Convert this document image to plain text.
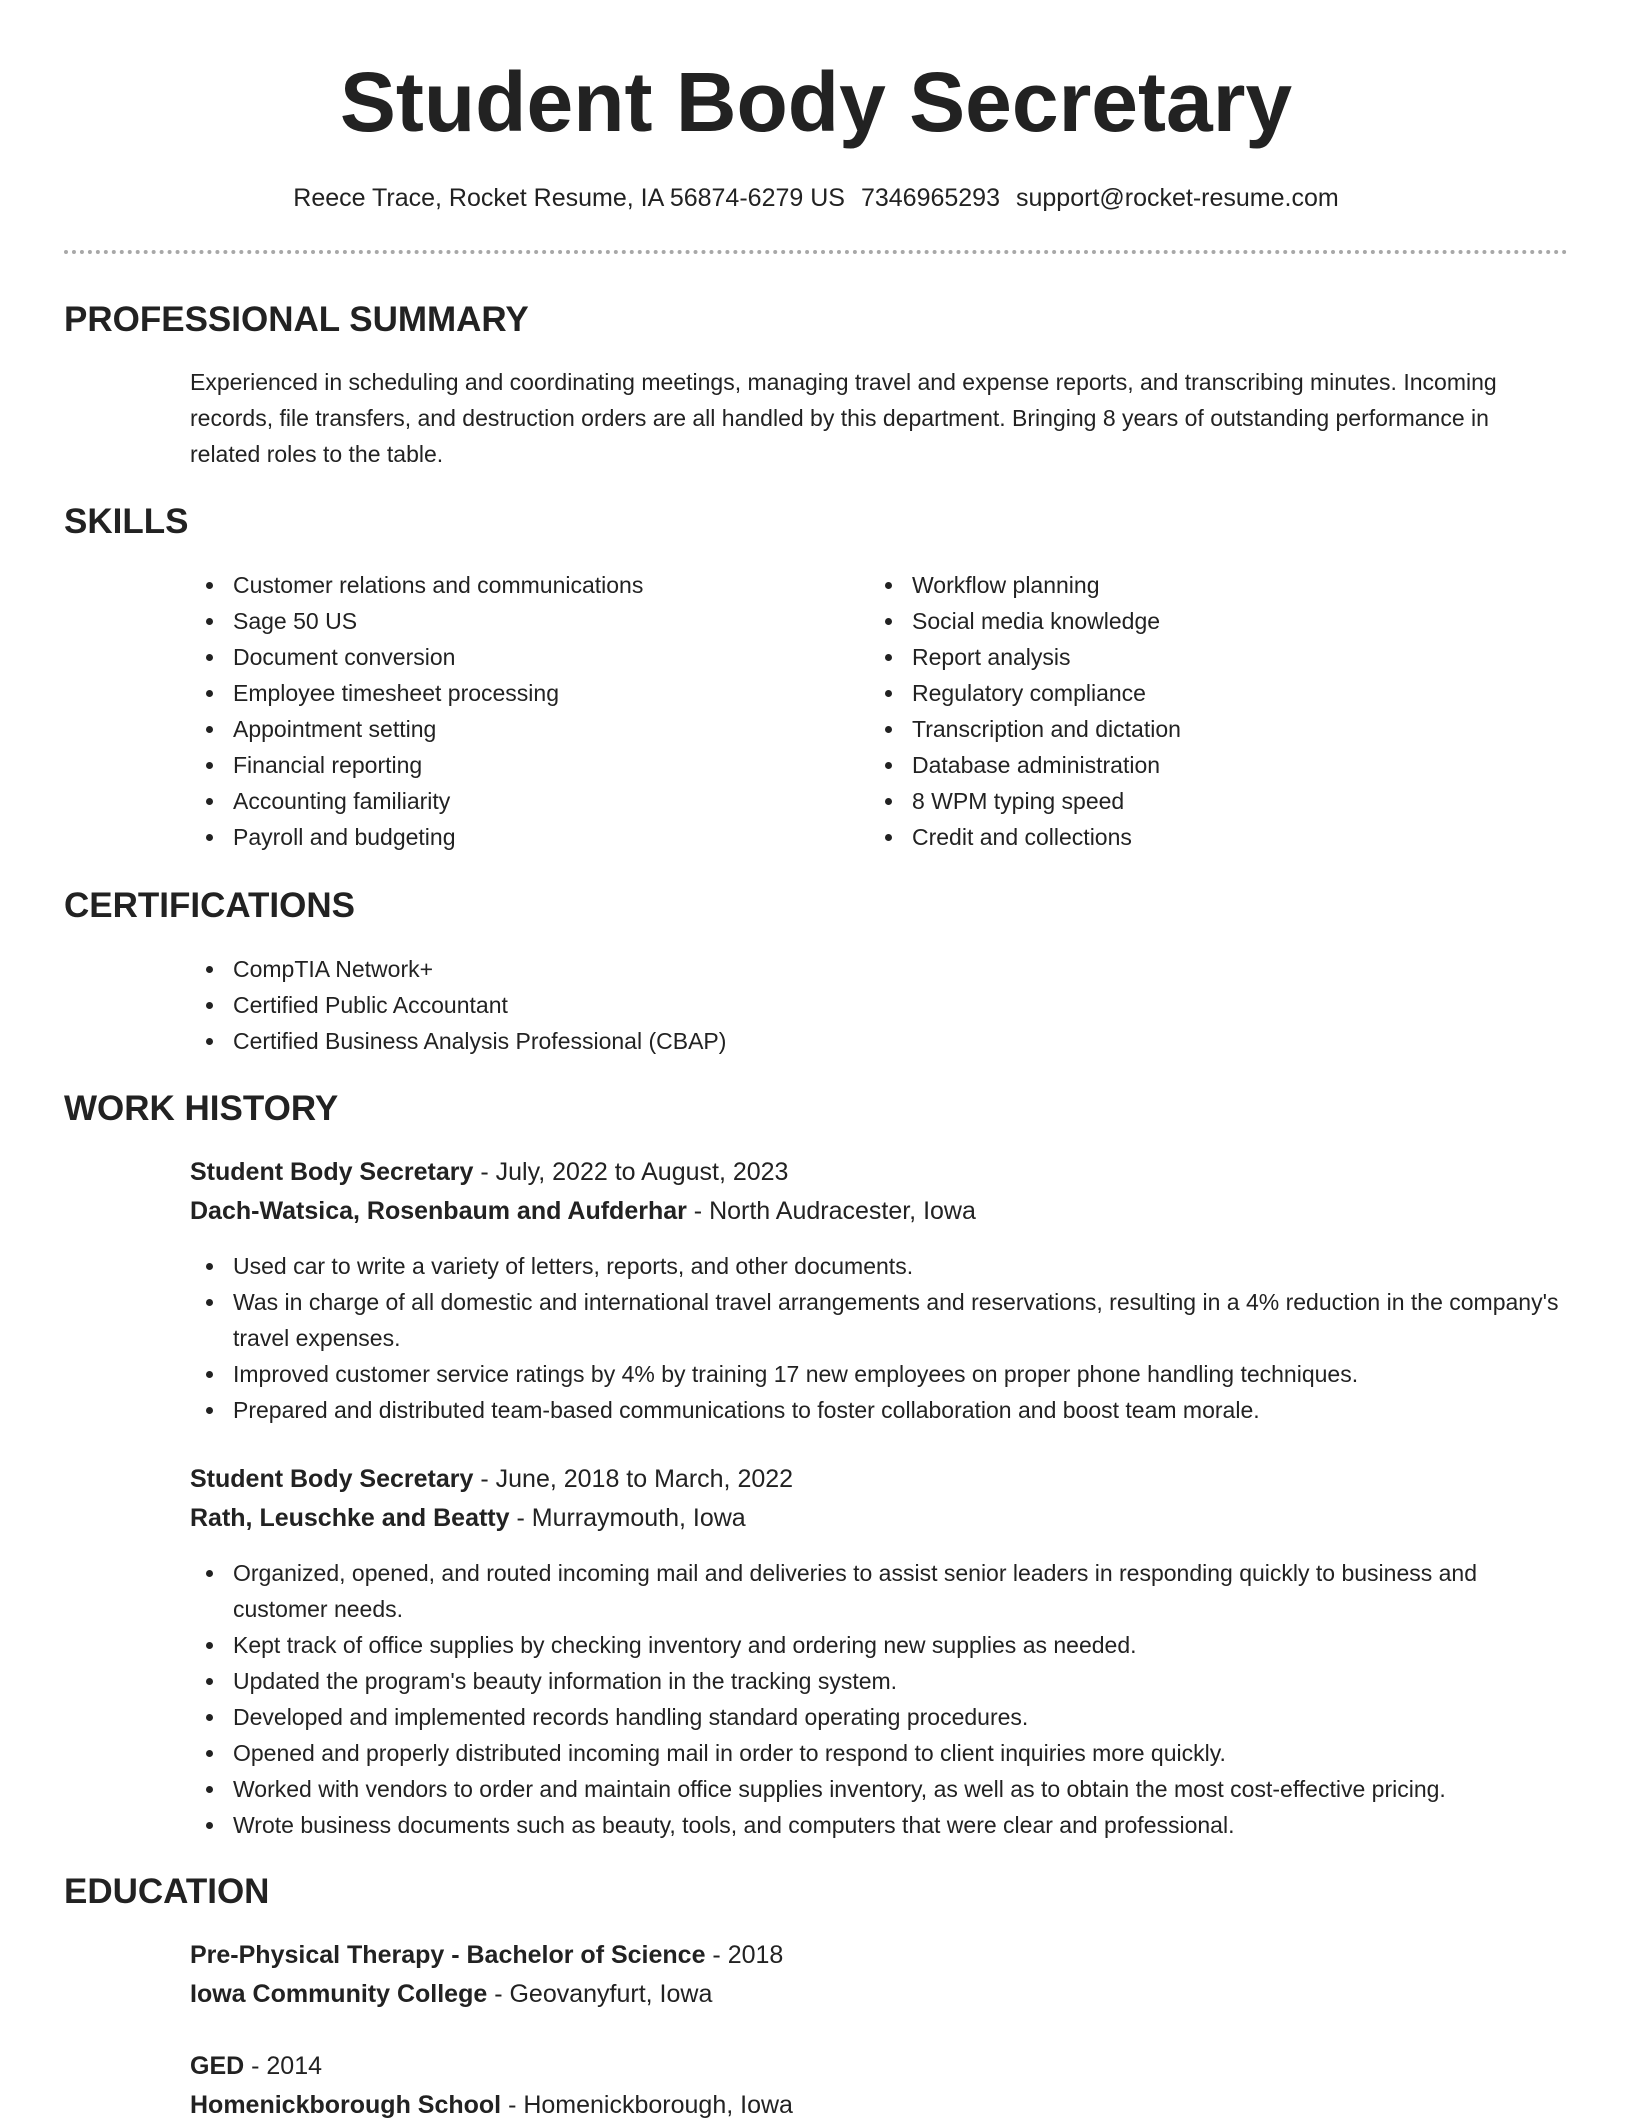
Student Body Secretary
Reece Trace, Rocket Resume, IA 56874-6279 US 7346965293 support@rocket-resume.com
PROFESSIONAL SUMMARY

Experienced in scheduling and coordinating meetings, managing travel and expense reports, and transcribing minutes. Incoming records, file transfers, and destruction orders are all handled by this department. Bringing 8 years of outstanding performance in related roles to the table.

SKILLS
Customer relations and communications
Sage 50 US
Document conversion
Employee timesheet processing
Appointment setting
Financial reporting
Accounting familiarity
Payroll and budgeting
Workflow planning
Social media knowledge
Report analysis
Regulatory compliance
Transcription and dictation
Database administration
8 WPM typing speed
Credit and collections
CERTIFICATIONS
CompTIA Network+
Certified Public Accountant
Certified Business Analysis Professional (CBAP)
WORK HISTORY
Student Body Secretary - July, 2022 to August, 2023
Dach-Watsica, Rosenbaum and Aufderhar - North Audracester, Iowa
Used car to write a variety of letters, reports, and other documents.
Was in charge of all domestic and international travel arrangements and reservations, resulting in a 4% reduction in the company's travel expenses.
Improved customer service ratings by 4% by training 17 new employees on proper phone handling techniques.
Prepared and distributed team-based communications to foster collaboration and boost team morale.
Student Body Secretary - June, 2018 to March, 2022
Rath, Leuschke and Beatty - Murraymouth, Iowa
Organized, opened, and routed incoming mail and deliveries to assist senior leaders in responding quickly to business and customer needs.
Kept track of office supplies by checking inventory and ordering new supplies as needed.
Updated the program's beauty information in the tracking system.
Developed and implemented records handling standard operating procedures.
Opened and properly distributed incoming mail in order to respond to client inquiries more quickly.
Worked with vendors to order and maintain office supplies inventory, as well as to obtain the most cost-effective pricing.
Wrote business documents such as beauty, tools, and computers that were clear and professional.
EDUCATION
Pre-Physical Therapy - Bachelor of Science - 2018
Iowa Community College - Geovanyfurt, Iowa
GED - 2014
Homenickborough School - Homenickborough, Iowa
